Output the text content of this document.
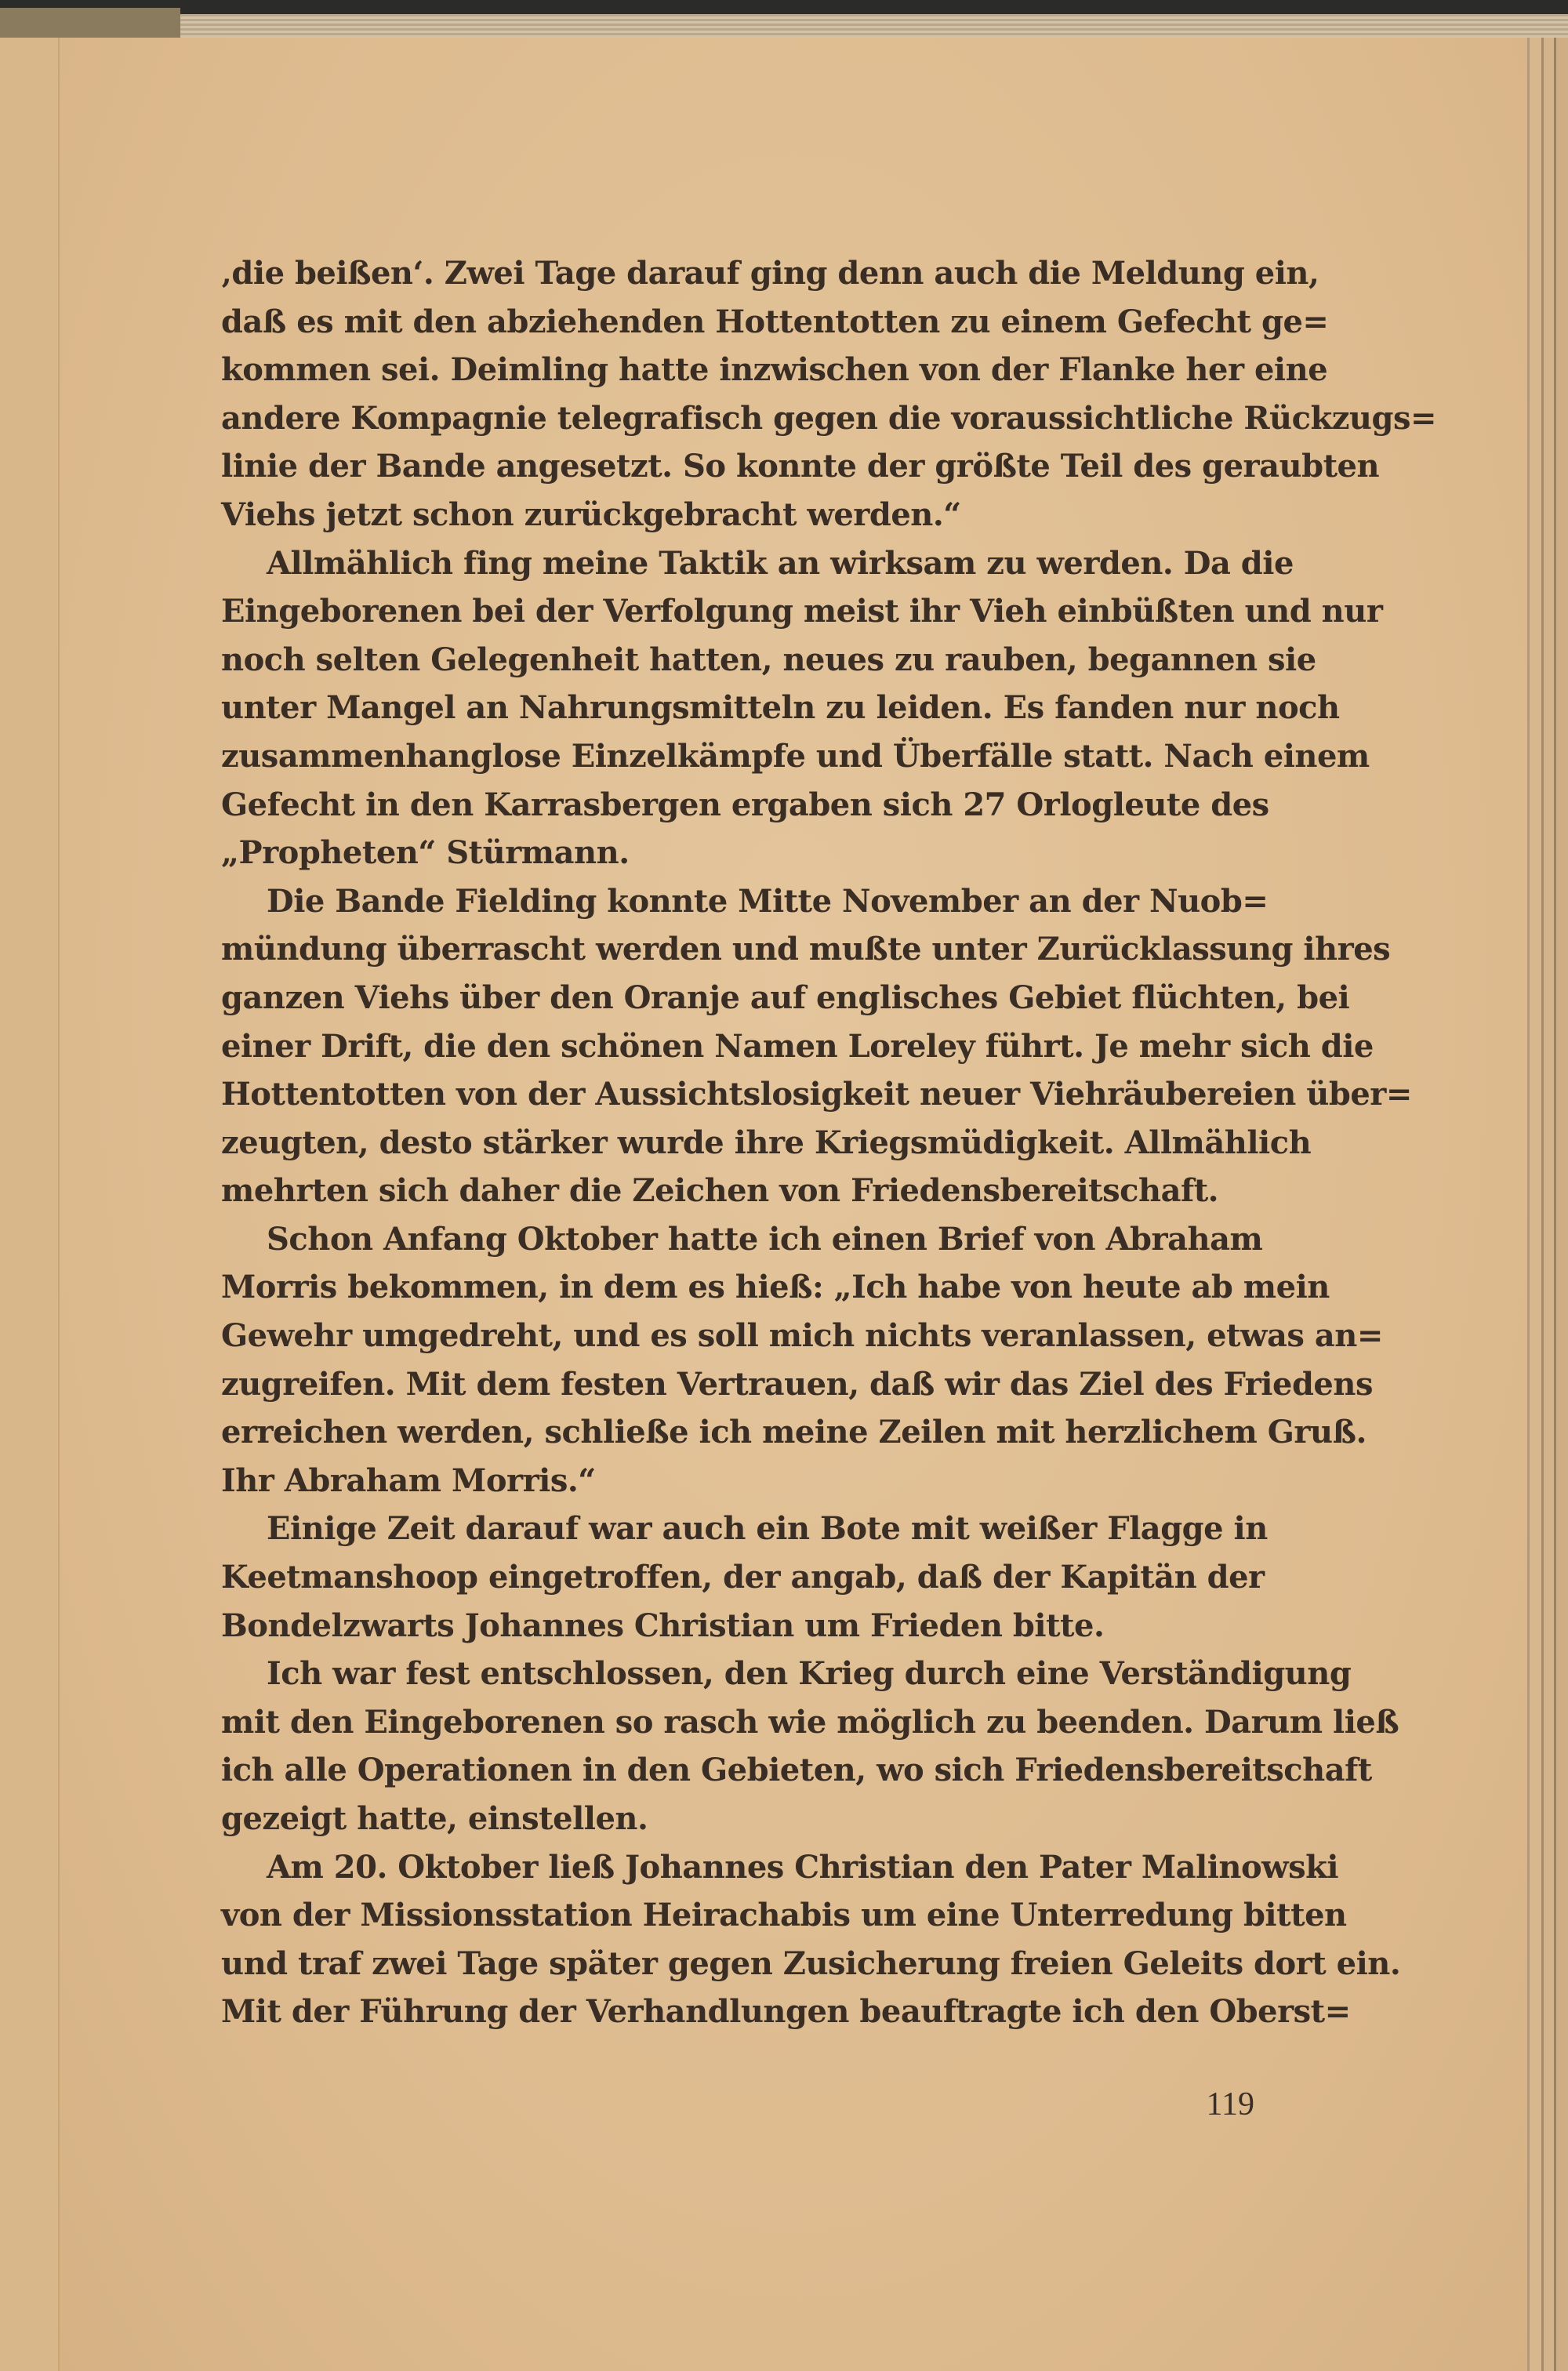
‚die beißen‘. Zwei Tage darauf ging denn auch die Meldung ein,
daß es mit den abziehenden Hottentotten zu einem Gefecht ge=
kommen sei. Deimling hatte inzwischen von der Flanke her eine
andere Kompagnie telegrafisch gegen die voraussichtliche Rückzugs=
linie der Bande angesetzt. So konnte der größte Teil des geraubten
Viehs jetzt schon zurückgebracht werden.“
Allmählich fing meine Taktik an wirksam zu werden. Da die
Eingeborenen bei der Verfolgung meist ihr Vieh einbüßten und nur
noch selten Gelegenheit hatten, neues zu rauben, begannen sie
unter Mangel an Nahrungsmitteln zu leiden. Es fanden nur noch
zusammenhanglose Einzelkämpfe und Überfälle statt. Nach einem
Gefecht in den Karrasbergen ergaben sich 27 Orlogleute des
„Propheten“ Stürmann.
Die Bande Fielding konnte Mitte November an der Nuob=
mündung überrascht werden und mußte unter Zurücklassung ihres
ganzen Viehs über den Oranje auf englisches Gebiet flüchten, bei
einer Drift, die den schönen Namen Loreley führt. Je mehr sich die
Hottentotten von der Aussichtslosigkeit neuer Viehräubereien über=
zeugten, desto stärker wurde ihre Kriegsmüdigkeit. Allmählich
mehrten sich daher die Zeichen von Friedensbereitschaft.
Schon Anfang Oktober hatte ich einen Brief von Abraham
Morris bekommen, in dem es hieß: „Ich habe von heute ab mein
Gewehr umgedreht, und es soll mich nichts veranlassen, etwas an=
zugreifen. Mit dem festen Vertrauen, daß wir das Ziel des Friedens
erreichen werden, schließe ich meine Zeilen mit herzlichem Gruß.
Ihr Abraham Morris.“
Einige Zeit darauf war auch ein Bote mit weißer Flagge in
Keetmanshoop eingetroffen, der angab, daß der Kapitän der
Bondelzwarts Johannes Christian um Frieden bitte.
Ich war fest entschlossen, den Krieg durch eine Verständigung
mit den Eingeborenen so rasch wie möglich zu beenden. Darum ließ
ich alle Operationen in den Gebieten, wo sich Friedensbereitschaft
gezeigt hatte, einstellen.
Am 20. Oktober ließ Johannes Christian den Pater Malinowski
von der Missionsstation Heirachabis um eine Unterredung bitten
und traf zwei Tage später gegen Zusicherung freien Geleits dort ein.
Mit der Führung der Verhandlungen beauftragte ich den Oberst=
119
